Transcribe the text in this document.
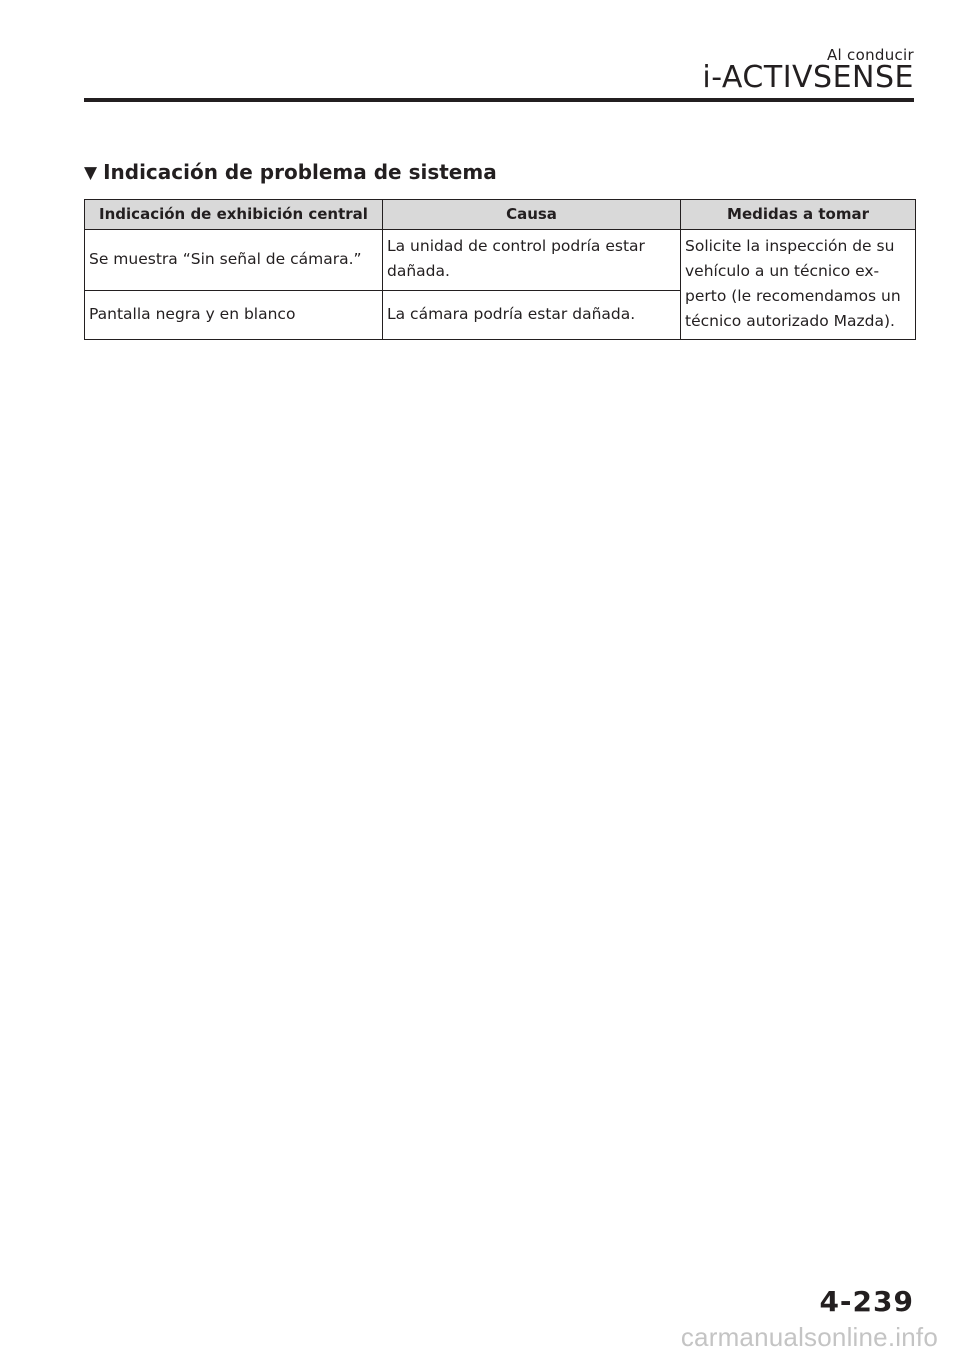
Al conducir
i-ACTIVSENSE
▼ Indicación de problema de sistema
Indicación de exhibición central	Causa	Medidas a tomar
Se muestra “Sin señal de cámara.”	La unidad de control podría estar dañada.	Solicite la inspección de su vehículo a un técnico ex-perto (le recomendamos un técnico autorizado Mazda).
Pantalla negra y en blanco	La cámara podría estar dañada.	
4-239
carmanualsonline.info
